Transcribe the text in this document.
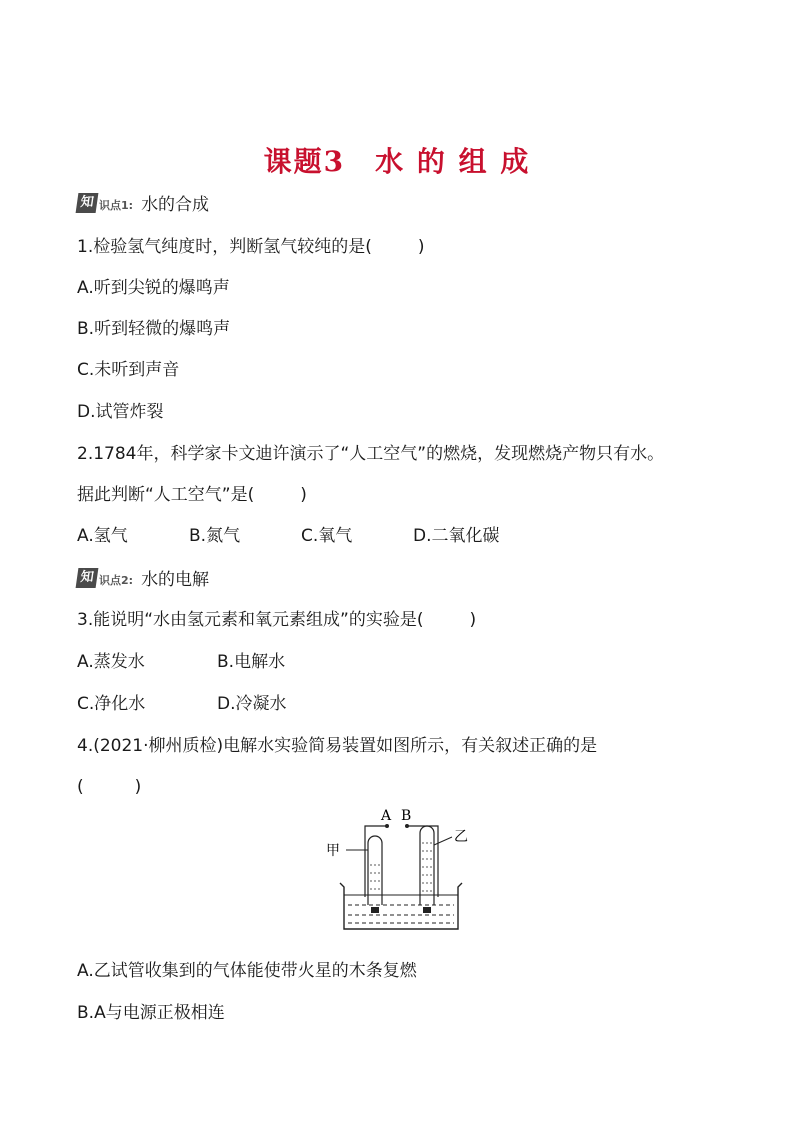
课题3　水 的 组 成
知 识点1: 水的合成
1.检验氢气纯度时，判断氢气较纯的是(	)
A.听到尖锐的爆鸣声
B.听到轻微的爆鸣声
C.未听到声音
D.试管炸裂
2.1784年，科学家卡文迪许演示了“人工空气”的燃烧，发现燃烧产物只有水。
据此判断“人工空气”是(	)
A.氢气	B.氮气	C.氧气	D.二氧化碳
知 识点2: 水的电解
3.能说明“水由氢元素和氧元素组成”的实验是(	)
A.蒸发水	B.电解水
C.净化水	D.冷凝水
4.(2021·柳州质检)电解水实验简易装置如图所示，有关叙述正确的是
(　　　)
A B
甲
乙
A.乙试管收集到的气体能使带火星的木条复燃
B.A与电源正极相连
